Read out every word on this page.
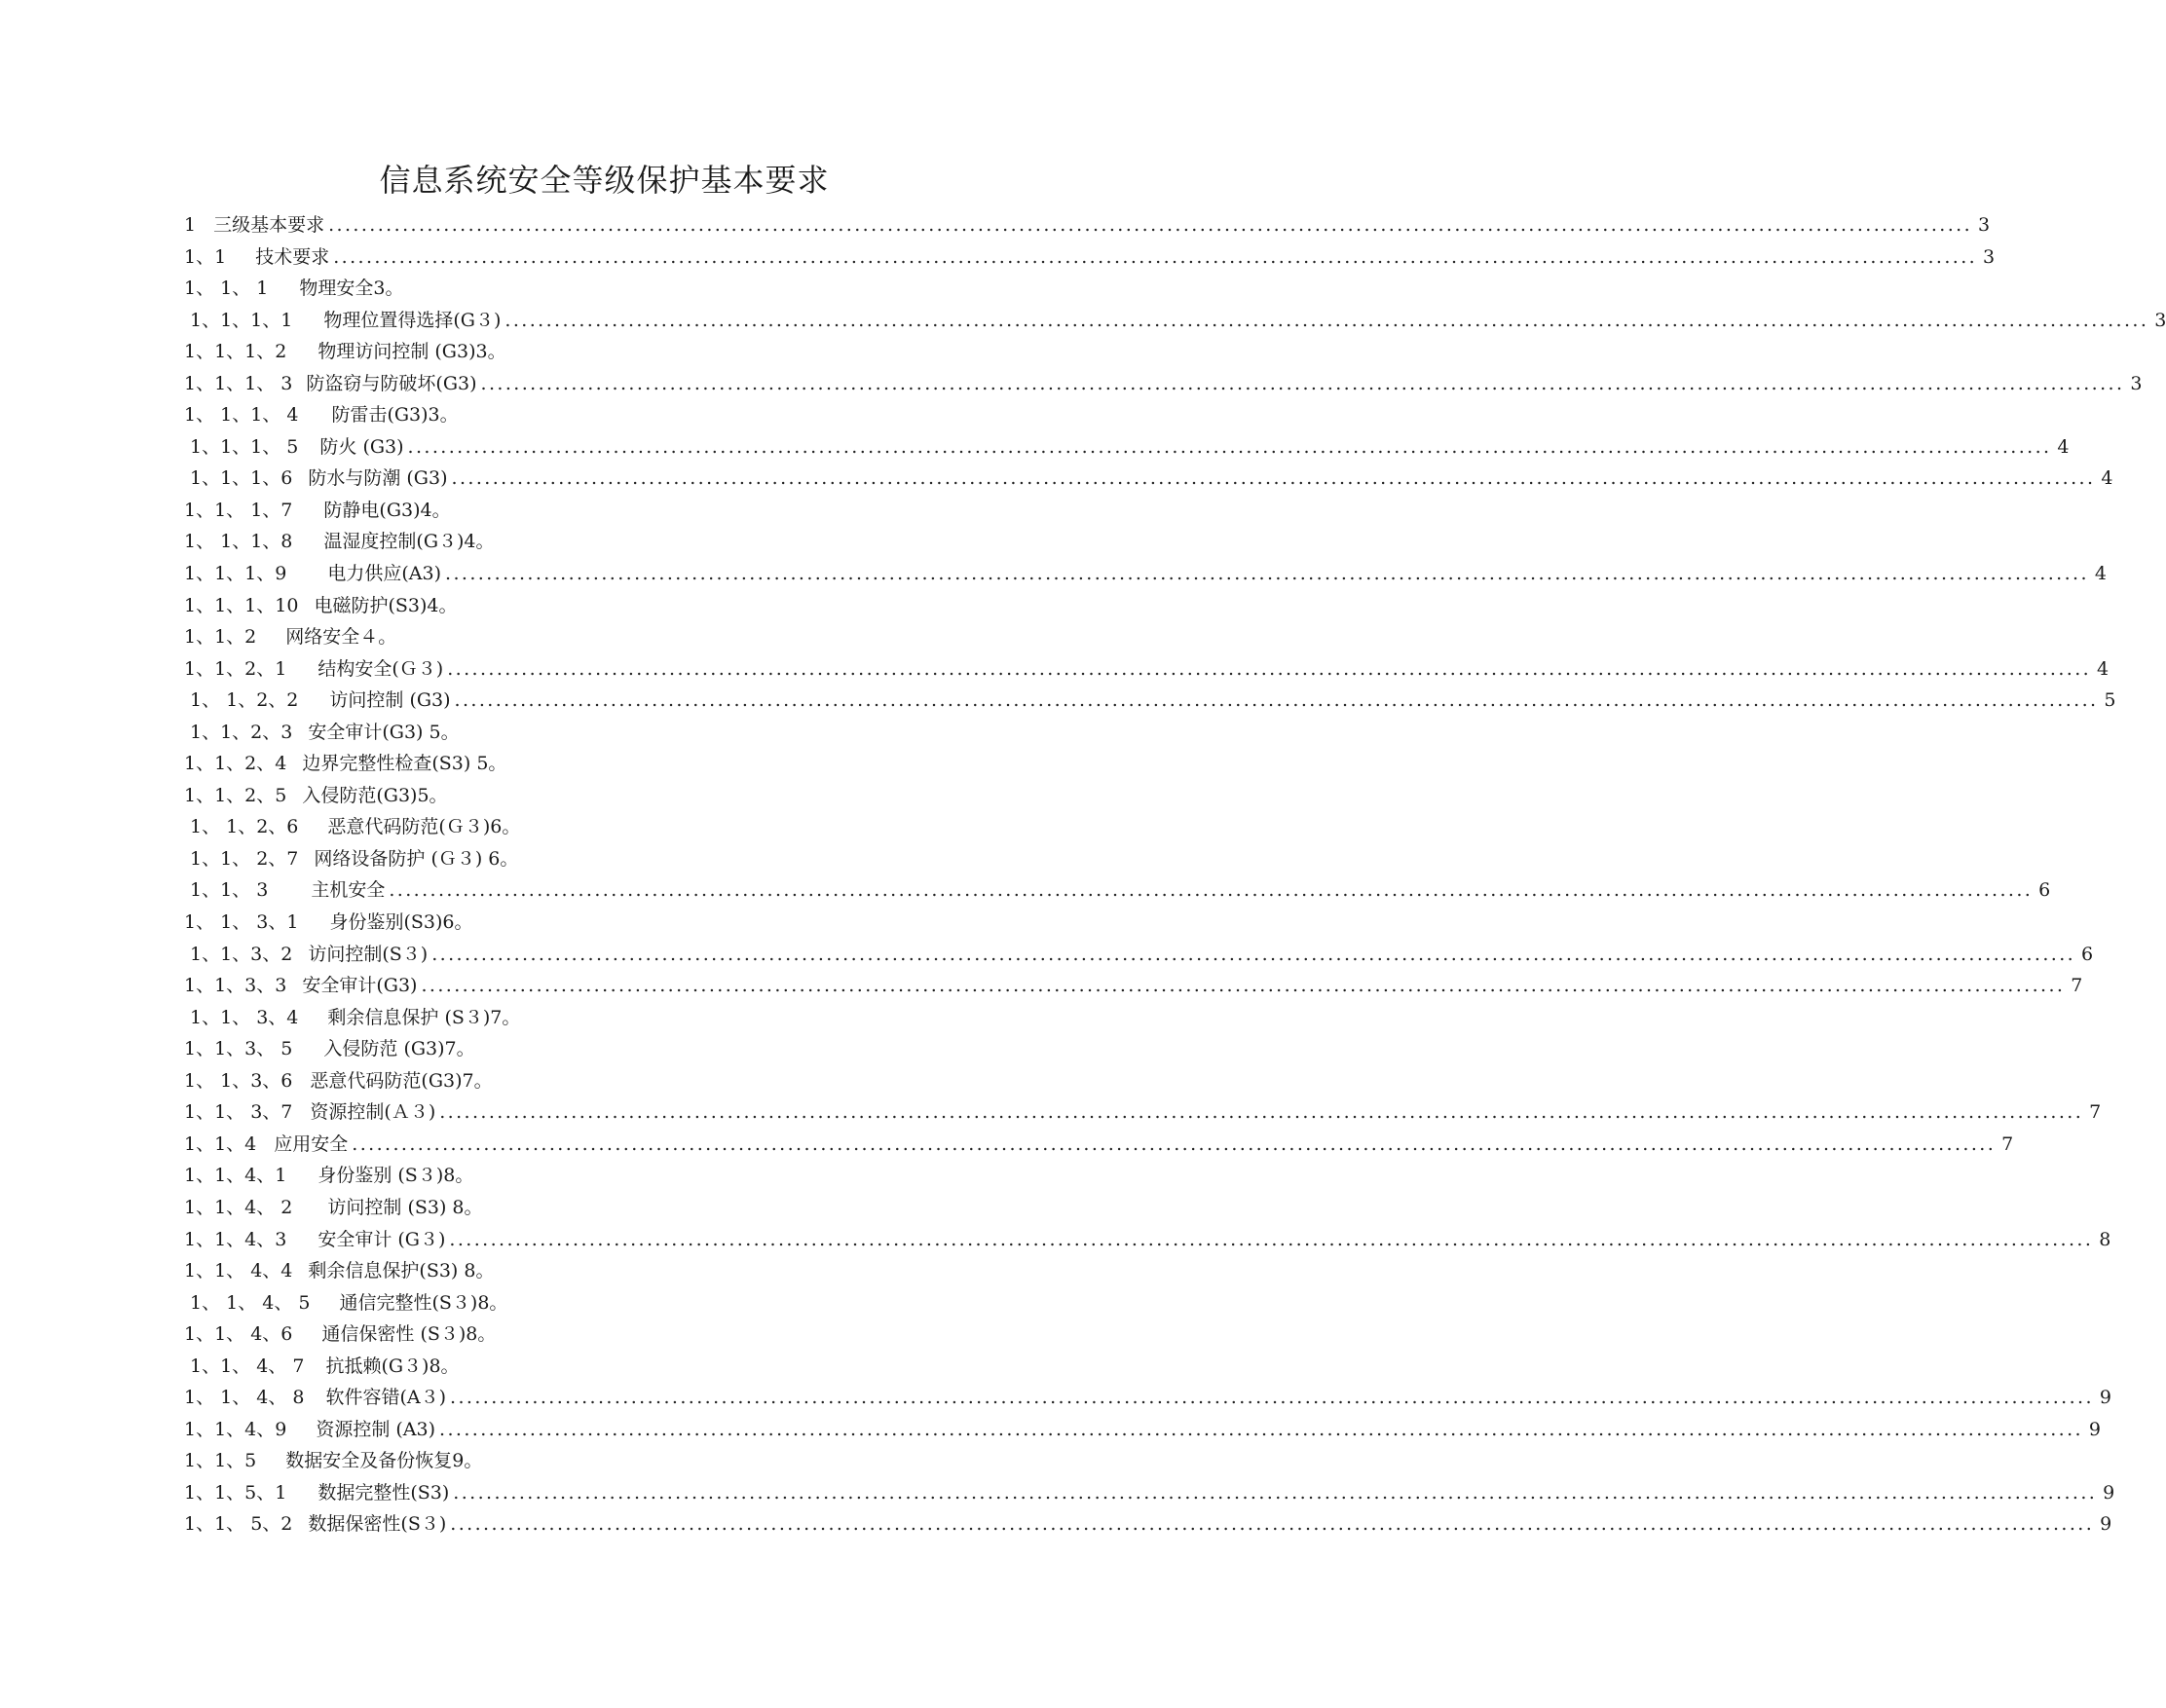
信息系统安全等级保护基本要求
1 三级基本要求 ........................................................................................................................................................................................................ 3
1、1 技术要求 ........................................................................................................................................................................................................ 3
1、 1、 1 物理安全3。
1、1、1、1 物理位置得选择(G３) ........................................................................................................................................................................................................ 3
1、1、1、2 物理访问控制 (G3)3。
1、1、1、 3 防盗窃与防破坏(G3) ........................................................................................................................................................................................................ 3
1、 1、1、 4 防雷击(G3)3。
1、1、1、 5 防火 (G3) ........................................................................................................................................................................................................ 4
1、1、1、6 防水与防潮 (G3) ........................................................................................................................................................................................................ 4
1、1、 1、7 防静电(G3)4。
1、 1、1、8 温湿度控制(G３)4。
1、1、1、9 电力供应(A3) ........................................................................................................................................................................................................ 4
1、1、1、10 电磁防护(S3)4。
1、1、2 网络安全４。
1、1、2、1 结构安全(Ｇ３) ........................................................................................................................................................................................................ 4
1、 1、2、2 访问控制 (G3) ........................................................................................................................................................................................................ 5
1、1、2、3 安全审计(G3) 5。
1、1、2、4 边界完整性检查(S3) 5。
1、1、2、5 入侵防范(G3)5。
1、 1、2、6 恶意代码防范(Ｇ３)6。
1、1、 2、7 网络设备防护 (Ｇ３) 6。
1、1、 3 主机安全 ........................................................................................................................................................................................................ 6
1、 1、 3、1 身份鉴别(S3)6。
1、1、3、2 访问控制(S３) ........................................................................................................................................................................................................ 6
1、1、3、3 安全审计(G3) ........................................................................................................................................................................................................ 7
1、1、 3、4 剩余信息保护 (S３)7。
1、1、3、 5 入侵防范 (G3)7。
1、 1、3、6 恶意代码防范(G3)7。
1、1、 3、7 资源控制(Ａ３) ........................................................................................................................................................................................................ 7
1、1、4 应用安全 ........................................................................................................................................................................................................ 7
1、1、4、1 身份鉴别 (S３)8。
1、1、4、 2 访问控制 (S3) 8。
1、1、4、3 安全审计 (G３) ........................................................................................................................................................................................................ 8
1、1、 4、4 剩余信息保护(S3) 8。
1、 1、 4、 5 通信完整性(S３)8。
1、1、 4、6 通信保密性 (S３)8。
1、1、 4、 7 抗抵赖(G３)8。
1、 1、 4、 8 软件容错(A３) ........................................................................................................................................................................................................ 9
1、1、4、9 资源控制 (A3) ........................................................................................................................................................................................................ 9
1、1、5 数据安全及备份恢复9。
1、1、5、1 数据完整性(S3) ........................................................................................................................................................................................................ 9
1、1、 5、2 数据保密性(S３) ........................................................................................................................................................................................................ 9
